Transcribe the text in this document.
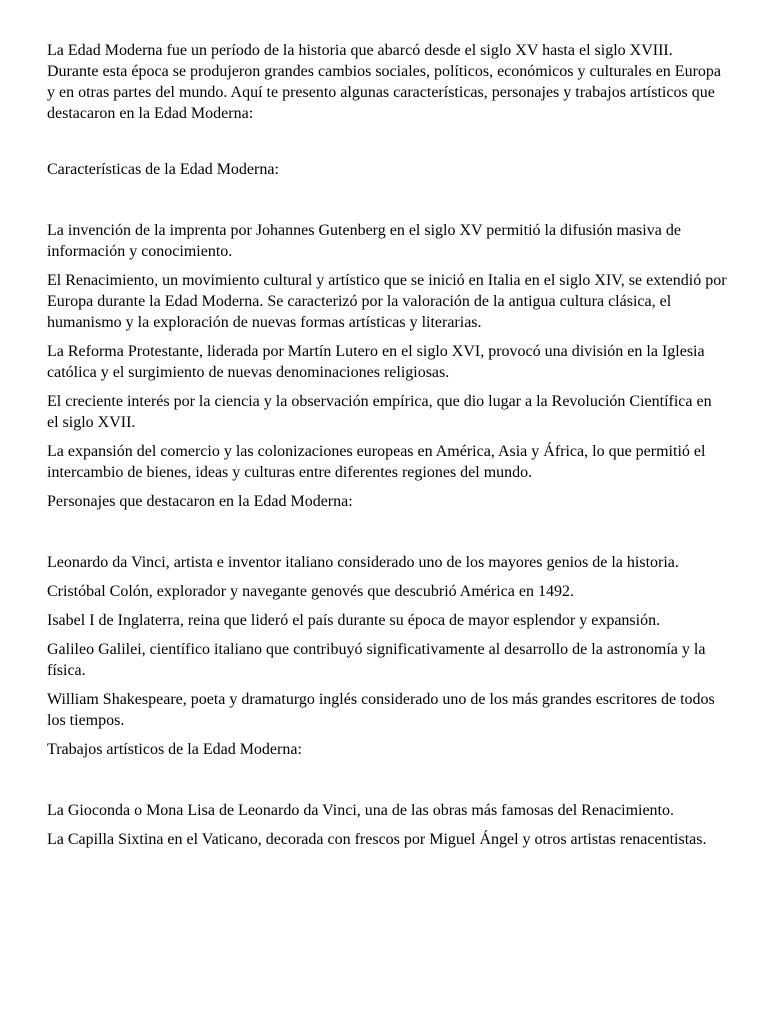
La Edad Moderna fue un período de la historia que abarcó desde el siglo XV hasta el siglo XVIII. Durante esta época se produjeron grandes cambios sociales, políticos, económicos y culturales en Europa y en otras partes del mundo. Aquí te presento algunas características, personajes y trabajos artísticos que destacaron en la Edad Moderna:

Características de la Edad Moderna:

La invención de la imprenta por Johannes Gutenberg en el siglo XV permitió la difusión masiva de información y conocimiento.

El Renacimiento, un movimiento cultural y artístico que se inició en Italia en el siglo XIV, se extendió por Europa durante la Edad Moderna. Se caracterizó por la valoración de la antigua cultura clásica, el humanismo y la exploración de nuevas formas artísticas y literarias.

La Reforma Protestante, liderada por Martín Lutero en el siglo XVI, provocó una división en la Iglesia católica y el surgimiento de nuevas denominaciones religiosas.

El creciente interés por la ciencia y la observación empírica, que dio lugar a la Revolución Científica en el siglo XVII.

La expansión del comercio y las colonizaciones europeas en América, Asia y África, lo que permitió el intercambio de bienes, ideas y culturas entre diferentes regiones del mundo.

Personajes que destacaron en la Edad Moderna:

Leonardo da Vinci, artista e inventor italiano considerado uno de los mayores genios de la historia.

Cristóbal Colón, explorador y navegante genovés que descubrió América en 1492.

Isabel I de Inglaterra, reina que lideró el país durante su época de mayor esplendor y expansión.

Galileo Galilei, científico italiano que contribuyó significativamente al desarrollo de la astronomía y la física.

William Shakespeare, poeta y dramaturgo inglés considerado uno de los más grandes escritores de todos los tiempos.

Trabajos artísticos de la Edad Moderna:

La Gioconda o Mona Lisa de Leonardo da Vinci, una de las obras más famosas del Renacimiento.

La Capilla Sixtina en el Vaticano, decorada con frescos por Miguel Ángel y otros artistas renacentistas.
